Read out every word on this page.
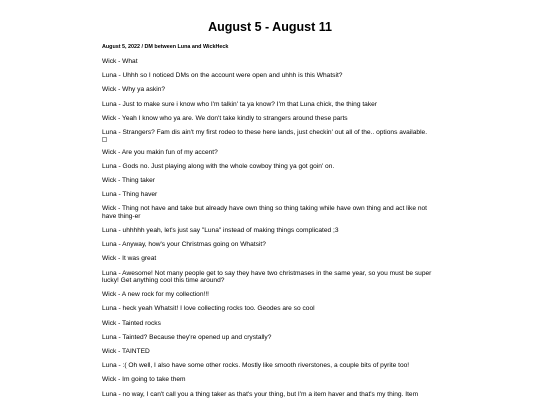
August 5 - August 11
August 5, 2022 / DM between Luna and WickHeck
Wick - What
Luna - Uhhh so I noticed DMs on the account were open and uhhh is this Whatsit?
Wick - Why ya askin?
Luna - Just to make sure i know who I'm talkin' ta ya know? I'm that Luna chick, the thing taker
Wick - Yeah I know who ya are. We don't take kindly to strangers around these parts
Luna - Strangers? Fam dis ain't my first rodeo to these here lands, just checkin' out all of the.. options available.
Wick - Are you makin fun of my accent?
Luna - Gods no. Just playing along with the whole cowboy thing ya got goin' on.
Wick - Thing taker
Luna - Thing haver
Wick - Thing not have and take but already have own thing so thing taking while have own thing and act like not have thing-er
Luna - uhhhhh yeah, let's just say "Luna" instead of making things complicated ;3
Luna - Anyway, how's your Christmas going on Whatsit?
Wick - It was great
Luna - Awesome! Not many people get to say they have two christmases in the same year, so you must be super lucky! Get anything cool this time around?
Wick - A new rock for my collection!!!
Luna - heck yeah Whatsit! I love collecting rocks too. Geodes are so cool
Wick - Tainted rocks
Luna - Tainted? Because they're opened up and crystally?
Wick - TAINTED
Luna - :( Oh well, I also have some other rocks. Mostly like smooth riverstones, a couple bits of pyrite too!
Wick - Im going to take them
Luna - no way, I can't call you a thing taker as that's your thing, but I'm a item haver and that's my thing. Item
